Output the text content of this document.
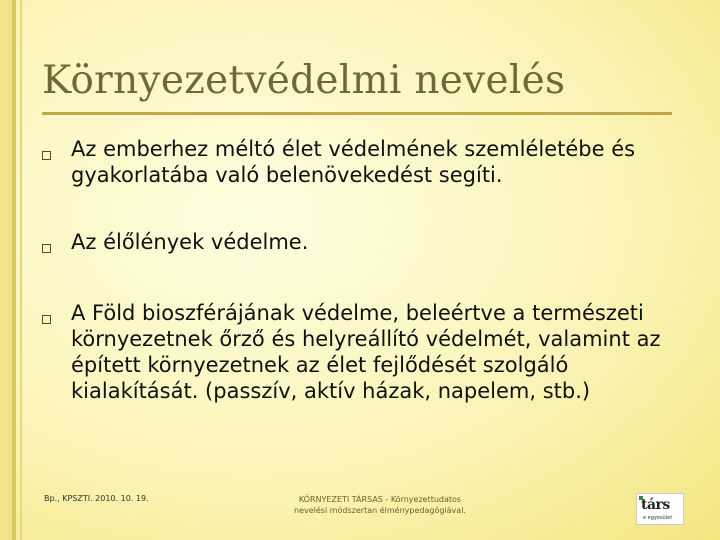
Környezetvédelmi nevelés
Az emberhez méltó élet védelmének szemléletébe és gyakorlatába való belenövekedést segíti.
Az élőlények védelme.
A Föld bioszférájának védelme, beleértve a természeti környezetnek őrző és helyreállító védelmét, valamint az épített környezetnek az élet fejlődését szolgáló kialakítását. (passzív, aktív házak, napelem, stb.)
Bp., KPSZTI. 2010. 10. 19.	KÖRNYEZETI TÁRSAS - Környezettudatos
nevelési módszertan élménypedagógiával.	társ
e egyesület
